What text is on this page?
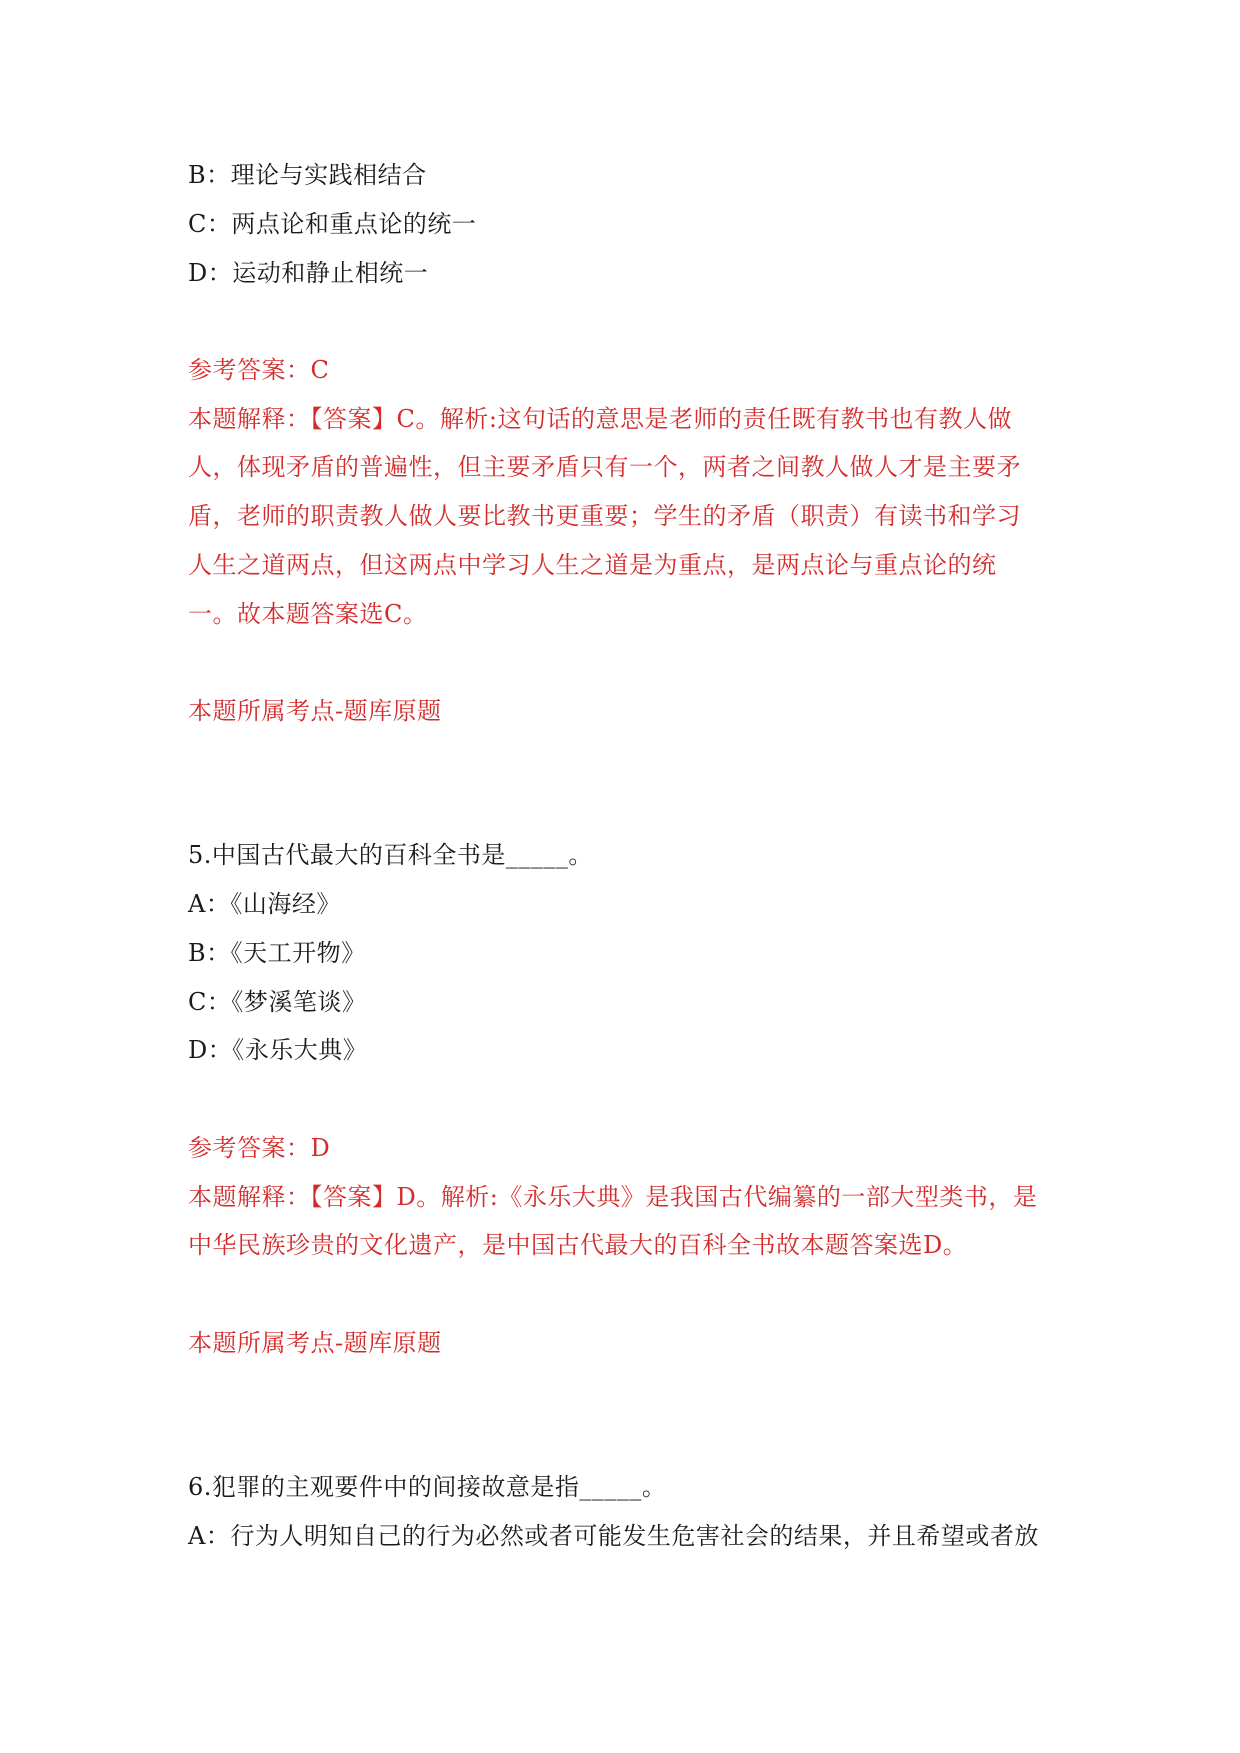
B：理论与实践相结合
C：两点论和重点论的统一
D：运动和静止相统一
参考答案：C
本题解释：【答案】C。解析:这句话的意思是老师的责任既有教书也有教人做
人，体现矛盾的普遍性，但主要矛盾只有一个，两者之间教人做人才是主要矛
盾，老师的职责教人做人要比教书更重要；学生的矛盾（职责）有读书和学习
人生之道两点，但这两点中学习人生之道是为重点，是两点论与重点论的统
一。故本题答案选C。
本题所属考点-题库原题
5.中国古代最大的百科全书是_____。
A：《山海经》
B：《天工开物》
C：《梦溪笔谈》
D：《永乐大典》
参考答案：D
本题解释：【答案】D。解析:《永乐大典》是我国古代编纂的一部大型类书，是
中华民族珍贵的文化遗产，是中国古代最大的百科全书故本题答案选D。
本题所属考点-题库原题
6.犯罪的主观要件中的间接故意是指_____。
A：行为人明知自己的行为必然或者可能发生危害社会的结果，并且希望或者放
